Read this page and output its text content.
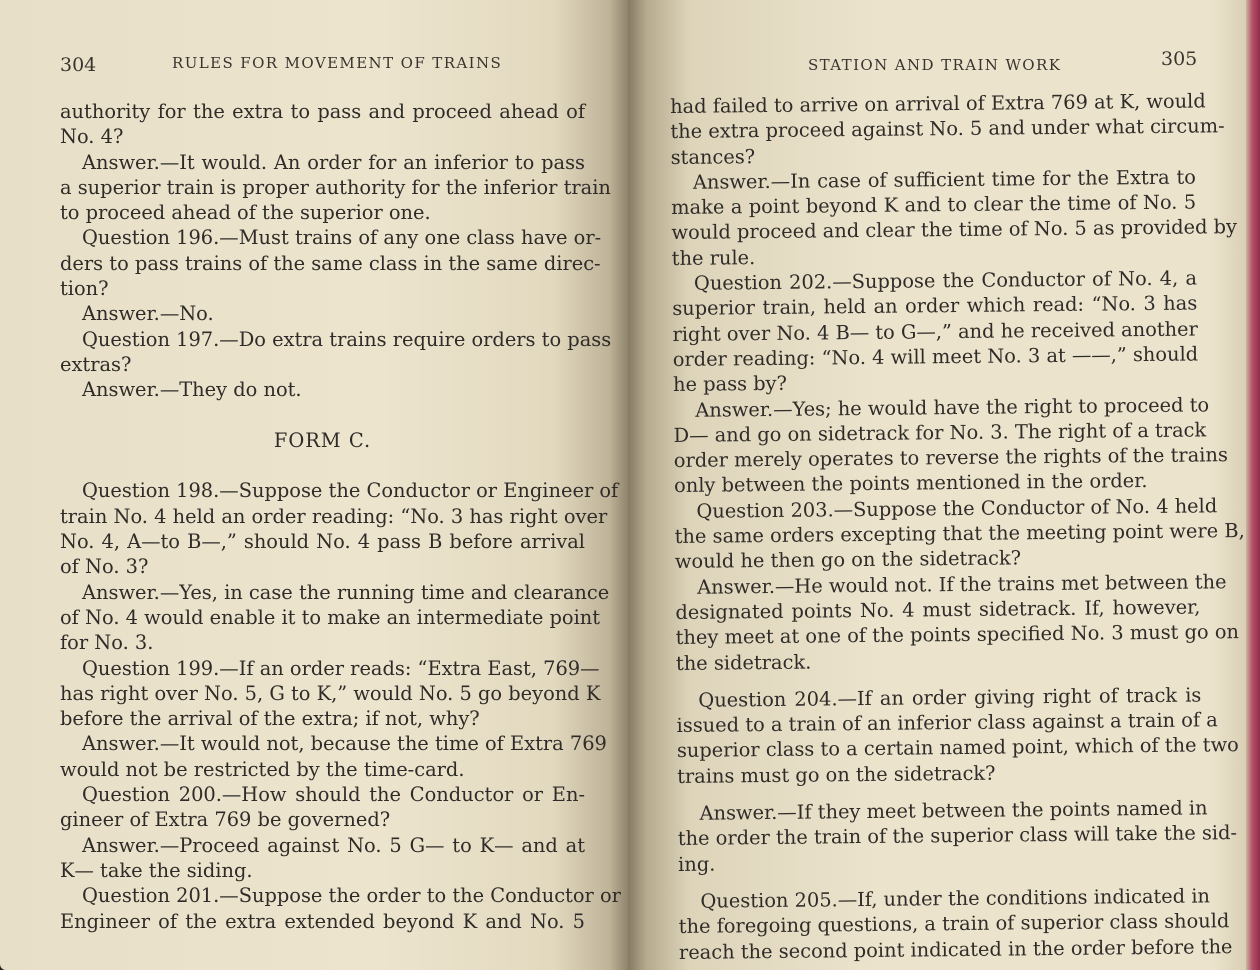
304	RULES FOR MOVEMENT OF TRAINS
authority for the extra to pass and proceed ahead of
No. 4?
Answer.—It would. An order for an inferior to pass
a superior train is proper authority for the inferior train
to proceed ahead of the superior one.
Question 196.—Must trains of any one class have or-
ders to pass trains of the same class in the same direc-
tion?
Answer.—No.
Question 197.—Do extra trains require orders to pass
extras?
Answer.—They do not.
FORM C.
Question 198.—Suppose the Conductor or Engineer of
train No. 4 held an order reading: “No. 3 has right over
No. 4, A—to B—,” should No. 4 pass B before arrival
of No. 3?
Answer.—Yes, in case the running time and clearance
of No. 4 would enable it to make an intermediate point
for No. 3.
Question 199.—If an order reads: “Extra East, 769—
has right over No. 5, G to K,” would No. 5 go beyond K
before the arrival of the extra; if not, why?
Answer.—It would not, because the time of Extra 769
would not be restricted by the time-card.
Question 200.—How should the Conductor or En-
gineer of Extra 769 be governed?
Answer.—Proceed against No. 5 G— to K— and at
K— take the siding.
Question 201.—Suppose the order to the Conductor or
Engineer of the extra extended beyond K and No. 5
STATION AND TRAIN WORK	305
had failed to arrive on arrival of Extra 769 at K, would
the extra proceed against No. 5 and under what circum-
stances?
Answer.—In case of sufficient time for the Extra to
make a point beyond K and to clear the time of No. 5
would proceed and clear the time of No. 5 as provided by
the rule.
Question 202.—Suppose the Conductor of No. 4, a
superior train, held an order which read: “No. 3 has
right over No. 4 B— to G—,” and he received another
order reading: “No. 4 will meet No. 3 at ——,” should
he pass by?
Answer.—Yes; he would have the right to proceed to
D— and go on sidetrack for No. 3. The right of a track
order merely operates to reverse the rights of the trains
only between the points mentioned in the order.
Question 203.—Suppose the Conductor of No. 4 held
the same orders excepting that the meeting point were B,
would he then go on the sidetrack?
Answer.—He would not. If the trains met between the
designated points No. 4 must sidetrack. If, however,
they meet at one of the points specified No. 3 must go on
the sidetrack.
Question 204.—If an order giving right of track is
issued to a train of an inferior class against a train of a
superior class to a certain named point, which of the two
trains must go on the sidetrack?
Answer.—If they meet between the points named in
the order the train of the superior class will take the sid-
ing.
Question 205.—If, under the conditions indicated in
the foregoing questions, a train of superior class should
reach the second point indicated in the order before the
